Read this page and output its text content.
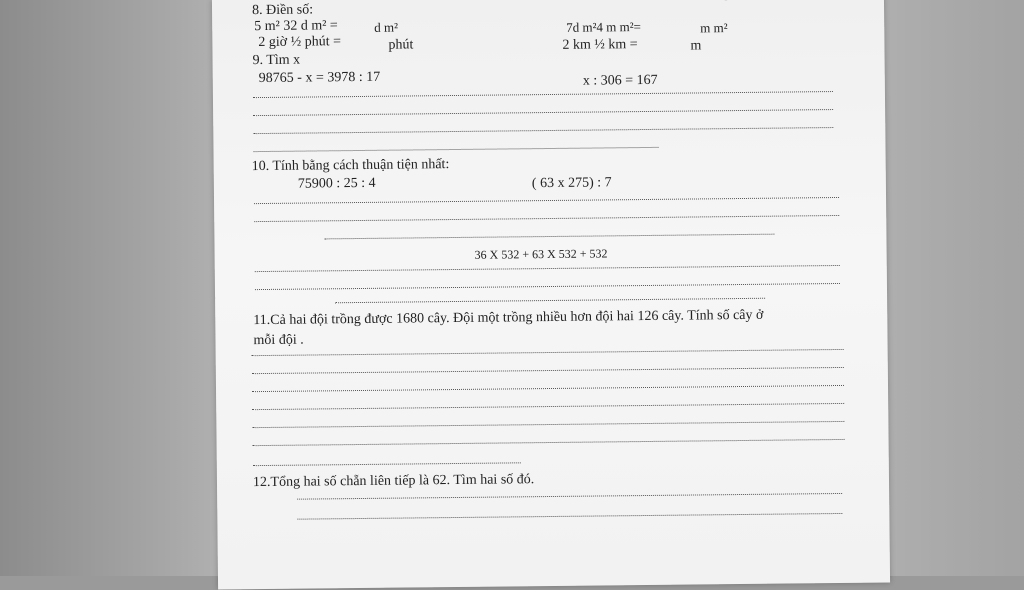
8. Điền số:
5 m² 32 d m² =	d m²	7d m²4 m m²=	m m²
2 giờ ½ phút =	phút	2 km ½ km =	m
9. Tìm x
98765 - x = 3978 : 17	x : 306 = 167
10. Tính bằng cách thuận tiện nhất:
75900 : 25 : 4	( 63 x 275) : 7
36 X 532 + 63 X 532 + 532
11.Cả hai đội trồng được 1680 cây. Đội một trồng nhiều hơn đội hai 126 cây. Tính số cây ở
mỗi đội .
12.Tổng hai số chẵn liên tiếp là 62. Tìm hai số đó.
